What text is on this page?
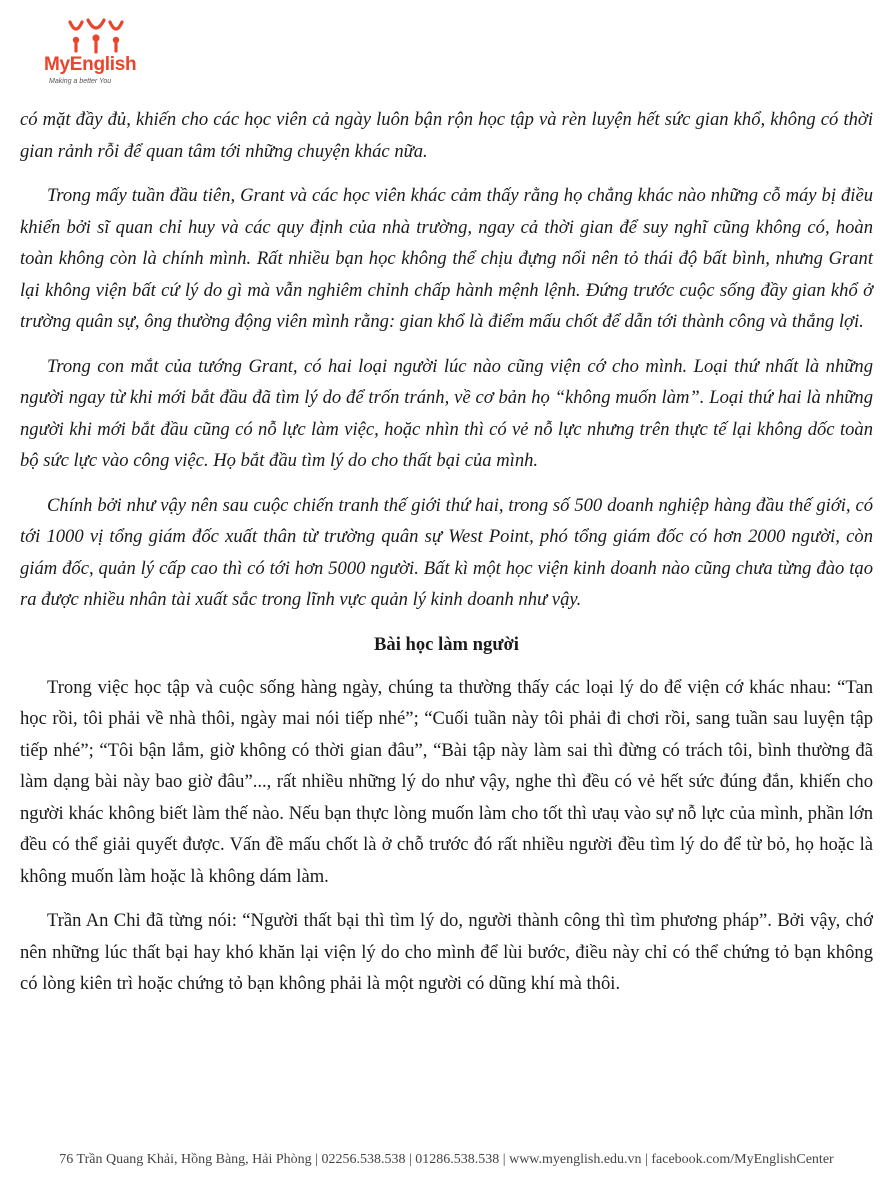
MyEnglish
Making a better You

có mặt đầy đủ, khiến cho các học viên cả ngày luôn bận rộn học tập và rèn luyện hết sức gian khổ, không có thời gian rảnh rỗi để quan tâm tới những chuyện khác nữa.

Trong mấy tuần đầu tiên, Grant và các học viên khác cảm thấy rằng họ chẳng khác nào những cỗ máy bị điều khiển bởi sĩ quan chỉ huy và các quy định của nhà trường, ngay cả thời gian để suy nghĩ cũng không có, hoàn toàn không còn là chính mình. Rất nhiều bạn học không thể chịu đựng nổi nên tỏ thái độ bất bình, nhưng Grant lại không viện bất cứ lý do gì mà vẫn nghiêm chỉnh chấp hành mệnh lệnh. Đứng trước cuộc sống đầy gian khổ ở trường quân sự, ông thường động viên mình rằng: gian khổ là điểm mấu chốt để dẫn tới thành công và thắng lợi.

Trong con mắt của tướng Grant, có hai loại người lúc nào cũng viện cớ cho mình. Loại thứ nhất là những người ngay từ khi mới bắt đầu đã tìm lý do để trốn tránh, về cơ bản họ “không muốn làm”. Loại thứ hai là những người khi mới bắt đầu cũng có nỗ lực làm việc, hoặc nhìn thì có vẻ nỗ lực nhưng trên thực tế lại không dốc toàn bộ sức lực vào công việc. Họ bắt đầu tìm lý do cho thất bại của mình.

Chính bởi như vậy nên sau cuộc chiến tranh thế giới thứ hai, trong số 500 doanh nghiệp hàng đầu thế giới, có tới 1000 vị tổng giám đốc xuất thân từ trường quân sự West Point, phó tổng giám đốc có hơn 2000 người, còn giám đốc, quản lý cấp cao thì có tới hơn 5000 người. Bất kì một học viện kinh doanh nào cũng chưa từng đào tạo ra được nhiều nhân tài xuất sắc trong lĩnh vực quản lý kinh doanh như vậy.

Bài học làm người

Trong việc học tập và cuộc sống hàng ngày, chúng ta thường thấy các loại lý do để viện cớ khác nhau: “Tan học rồi, tôi phải về nhà thôi, ngày mai nói tiếp nhé”; “Cuối tuần này tôi phải đi chơi rồi, sang tuần sau luyện tập tiếp nhé”; “Tôi bận lắm, giờ không có thời gian đâu”, “Bài tập này làm sai thì đừng có trách tôi, bình thường đã làm dạng bài này bao giờ đâu”..., rất nhiều những lý do như vậy, nghe thì đều có vẻ hết sức đúng đắn, khiến cho người khác không biết làm thế nào. Nếu bạn thực lòng muốn làm cho tốt thì ưaụ vào sự nỗ lực của mình, phần lớn đều có thể giải quyết được. Vấn đề mấu chốt là ở chỗ trước đó rất nhiều người đều tìm lý do để từ bỏ, họ hoặc là không muốn làm hoặc là không dám làm.

Trần An Chi đã từng nói: “Người thất bại thì tìm lý do, người thành công thì tìm phương pháp”. Bởi vậy, chớ nên những lúc thất bại hay khó khăn lại viện lý do cho mình để lùi bước, điều này chỉ có thể chứng tỏ bạn không có lòng kiên trì hoặc chứng tỏ bạn không phải là một người có dũng khí mà thôi.

76 Trần Quang Khải, Hồng Bàng, Hải Phòng | 02256.538.538 | 01286.538.538 | www.myenglish.edu.vn | facebook.com/MyEnglishCenter
